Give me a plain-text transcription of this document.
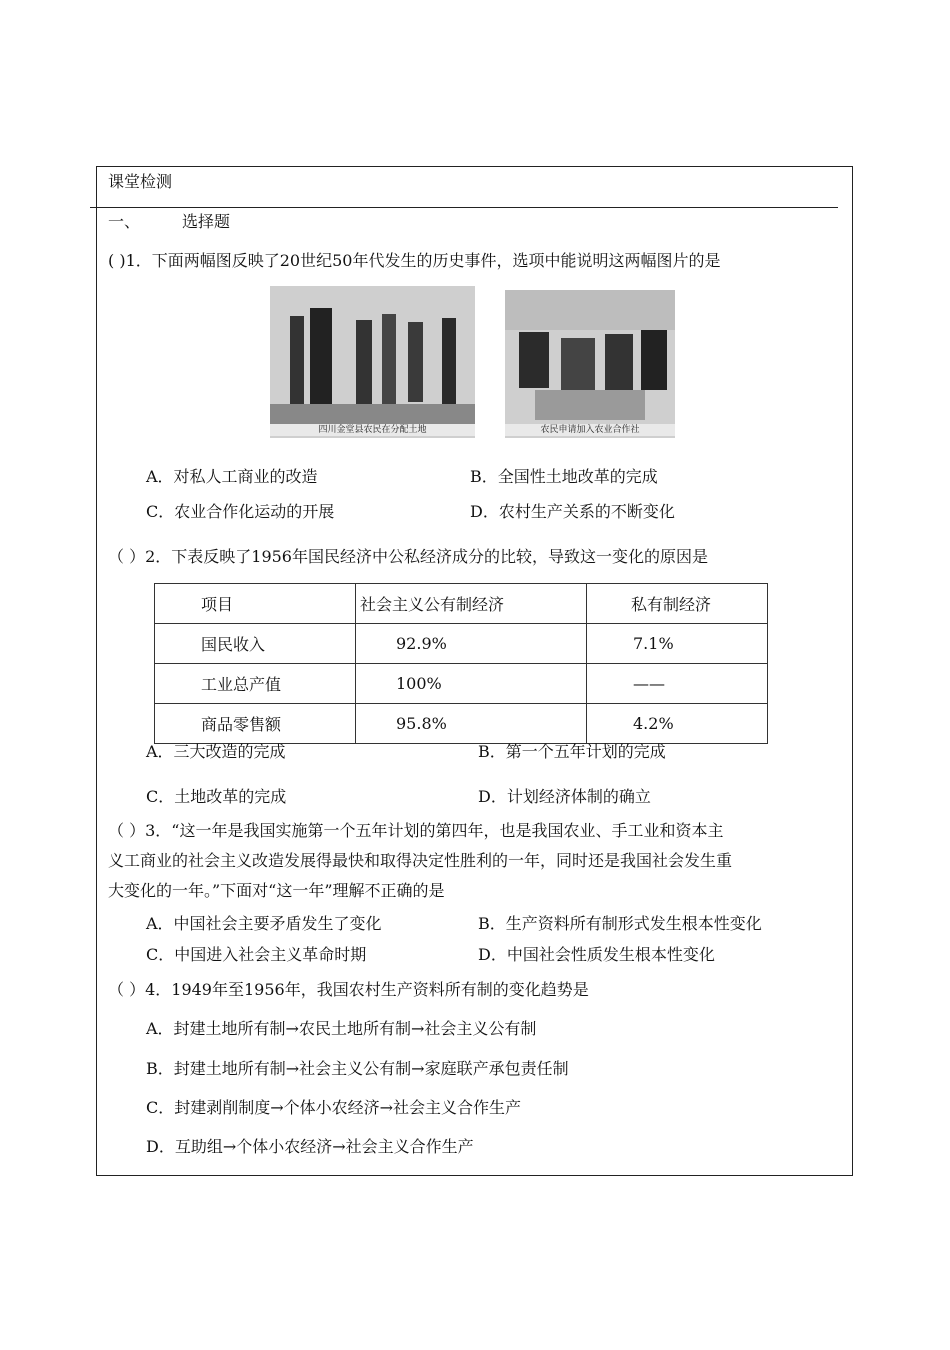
课堂检测
一、	选择题
( )1．下面两幅图反映了20世纪50年代发生的历史事件，选项中能说明这两幅图片的是
四川金堂县农民在分配土地	农民申请加入农业合作社
A．对私人工商业的改造	B．全国性土地改革的完成
C．农业合作化运动的开展	D．农村生产关系的不断变化
（ ）2．下表反映了1956年国民经济中公私经济成分的比较，导致这一变化的原因是
项目	社会主义公有制经济	私有制经济
国民收入	92.9%	7.1%
工业总产值	100%	——
商品零售额	95.8%	4.2%
A．三大改造的完成	B．第一个五年计划的完成
C．土地改革的完成	D．计划经济体制的确立
（ ）3．“这一年是我国实施第一个五年计划的第四年，也是我国农业、手工业和资本主
义工商业的社会主义改造发展得最快和取得决定性胜利的一年，同时还是我国社会发生重
大变化的一年。”下面对“这一年”理解不正确的是
A．中国社会主要矛盾发生了变化	B．生产资料所有制形式发生根本性变化
C．中国进入社会主义革命时期	D．中国社会性质发生根本性变化
（ ）4．1949年至1956年，我国农村生产资料所有制的变化趋势是
A．封建土地所有制→农民土地所有制→社会主义公有制
B．封建土地所有制→社会主义公有制→家庭联产承包责任制
C．封建剥削制度→个体小农经济→社会主义合作生产
D．互助组→个体小农经济→社会主义合作生产
